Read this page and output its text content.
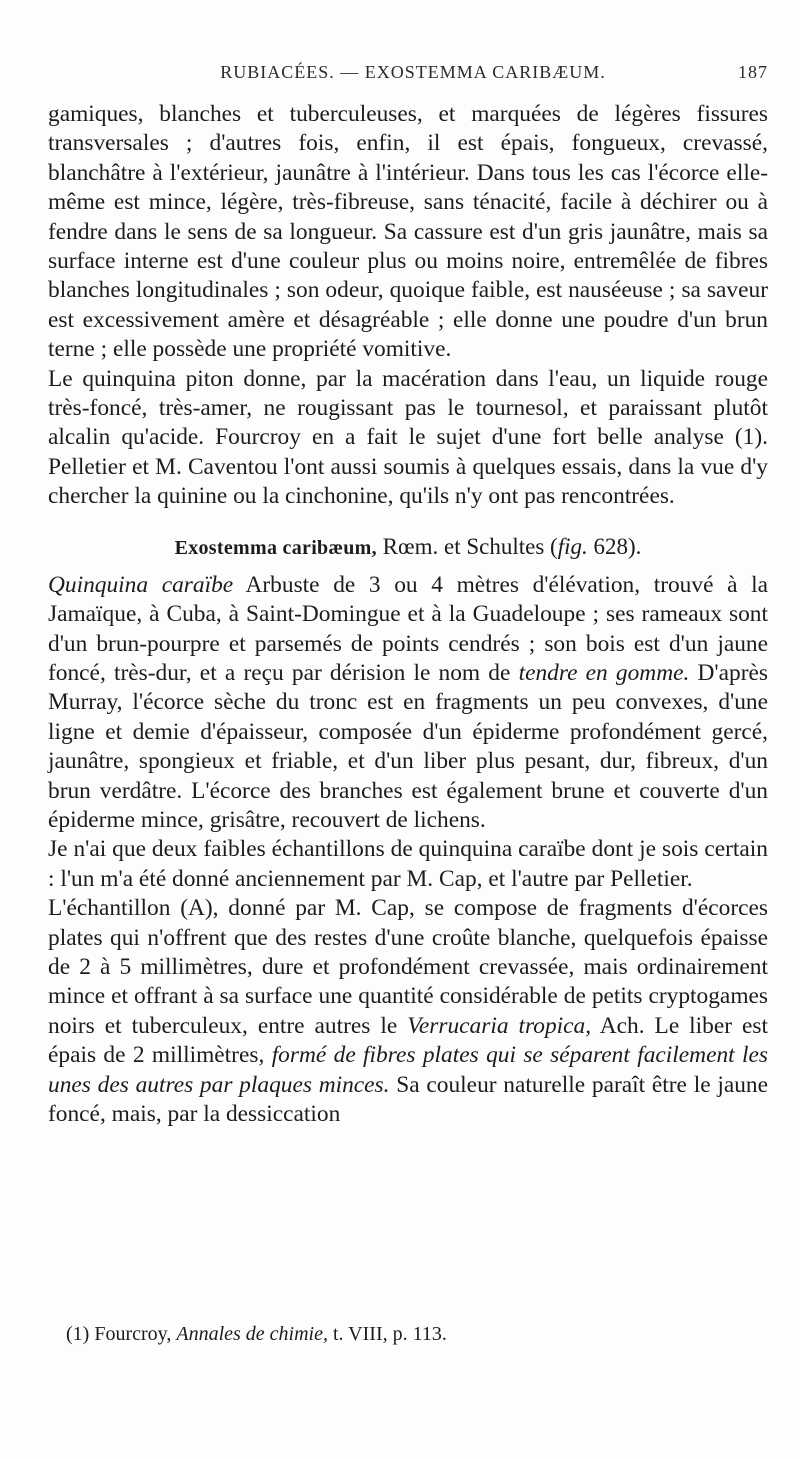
RUBIACÉES. — EXOSTEMMA CARIBÆUM.	187

gamiques, blanches et tuberculeuses, et marquées de légères fissures transversales ; d'autres fois, enfin, il est épais, fongueux, crevassé, blanchâtre à l'extérieur, jaunâtre à l'intérieur. Dans tous les cas l'écorce elle-même est mince, légère, très-fibreuse, sans ténacité, facile à déchirer ou à fendre dans le sens de sa longueur. Sa cassure est d'un gris jaunâtre, mais sa surface interne est d'une couleur plus ou moins noire, entremêlée de fibres blanches longitudinales ; son odeur, quoique faible, est nauséeuse ; sa saveur est excessivement amère et désagréable ; elle donne une poudre d'un brun terne ; elle possède une propriété vomitive.

Le quinquina piton donne, par la macération dans l'eau, un liquide rouge très-foncé, très-amer, ne rougissant pas le tournesol, et paraissant plutôt alcalin qu'acide. Fourcroy en a fait le sujet d'une fort belle analyse (1). Pelletier et M. Caventou l'ont aussi soumis à quelques essais, dans la vue d'y chercher la quinine ou la cinchonine, qu'ils n'y ont pas rencontrées.

Exostemma caribæum, Rœm. et Schultes (fig. 628).

Quinquina caraïbe Arbuste de 3 ou 4 mètres d'élévation, trouvé à la Jamaïque, à Cuba, à Saint-Domingue et à la Guadeloupe ; ses rameaux sont d'un brun-pourpre et parsemés de points cendrés ; son bois est d'un jaune foncé, très-dur, et a reçu par dérision le nom de tendre en gomme. D'après Murray, l'écorce sèche du tronc est en fragments un peu convexes, d'une ligne et demie d'épaisseur, composée d'un épiderme profondément gercé, jaunâtre, spongieux et friable, et d'un liber plus pesant, dur, fibreux, d'un brun verdâtre. L'écorce des branches est également brune et couverte d'un épiderme mince, grisâtre, recouvert de lichens.

Je n'ai que deux faibles échantillons de quinquina caraïbe dont je sois certain : l'un m'a été donné anciennement par M. Cap, et l'autre par Pelletier.

L'échantillon (A), donné par M. Cap, se compose de fragments d'écorces plates qui n'offrent que des restes d'une croûte blanche, quelquefois épaisse de 2 à 5 millimètres, dure et profondément crevassée, mais ordinairement mince et offrant à sa surface une quantité considérable de petits cryptogames noirs et tuberculeux, entre autres le Verrucaria tropica, Ach. Le liber est épais de 2 millimètres, formé de fibres plates qui se séparent facilement les unes des autres par plaques minces. Sa couleur naturelle paraît être le jaune foncé, mais, par la dessiccation

(1) Fourcroy, Annales de chimie, t. VIII, p. 113.
